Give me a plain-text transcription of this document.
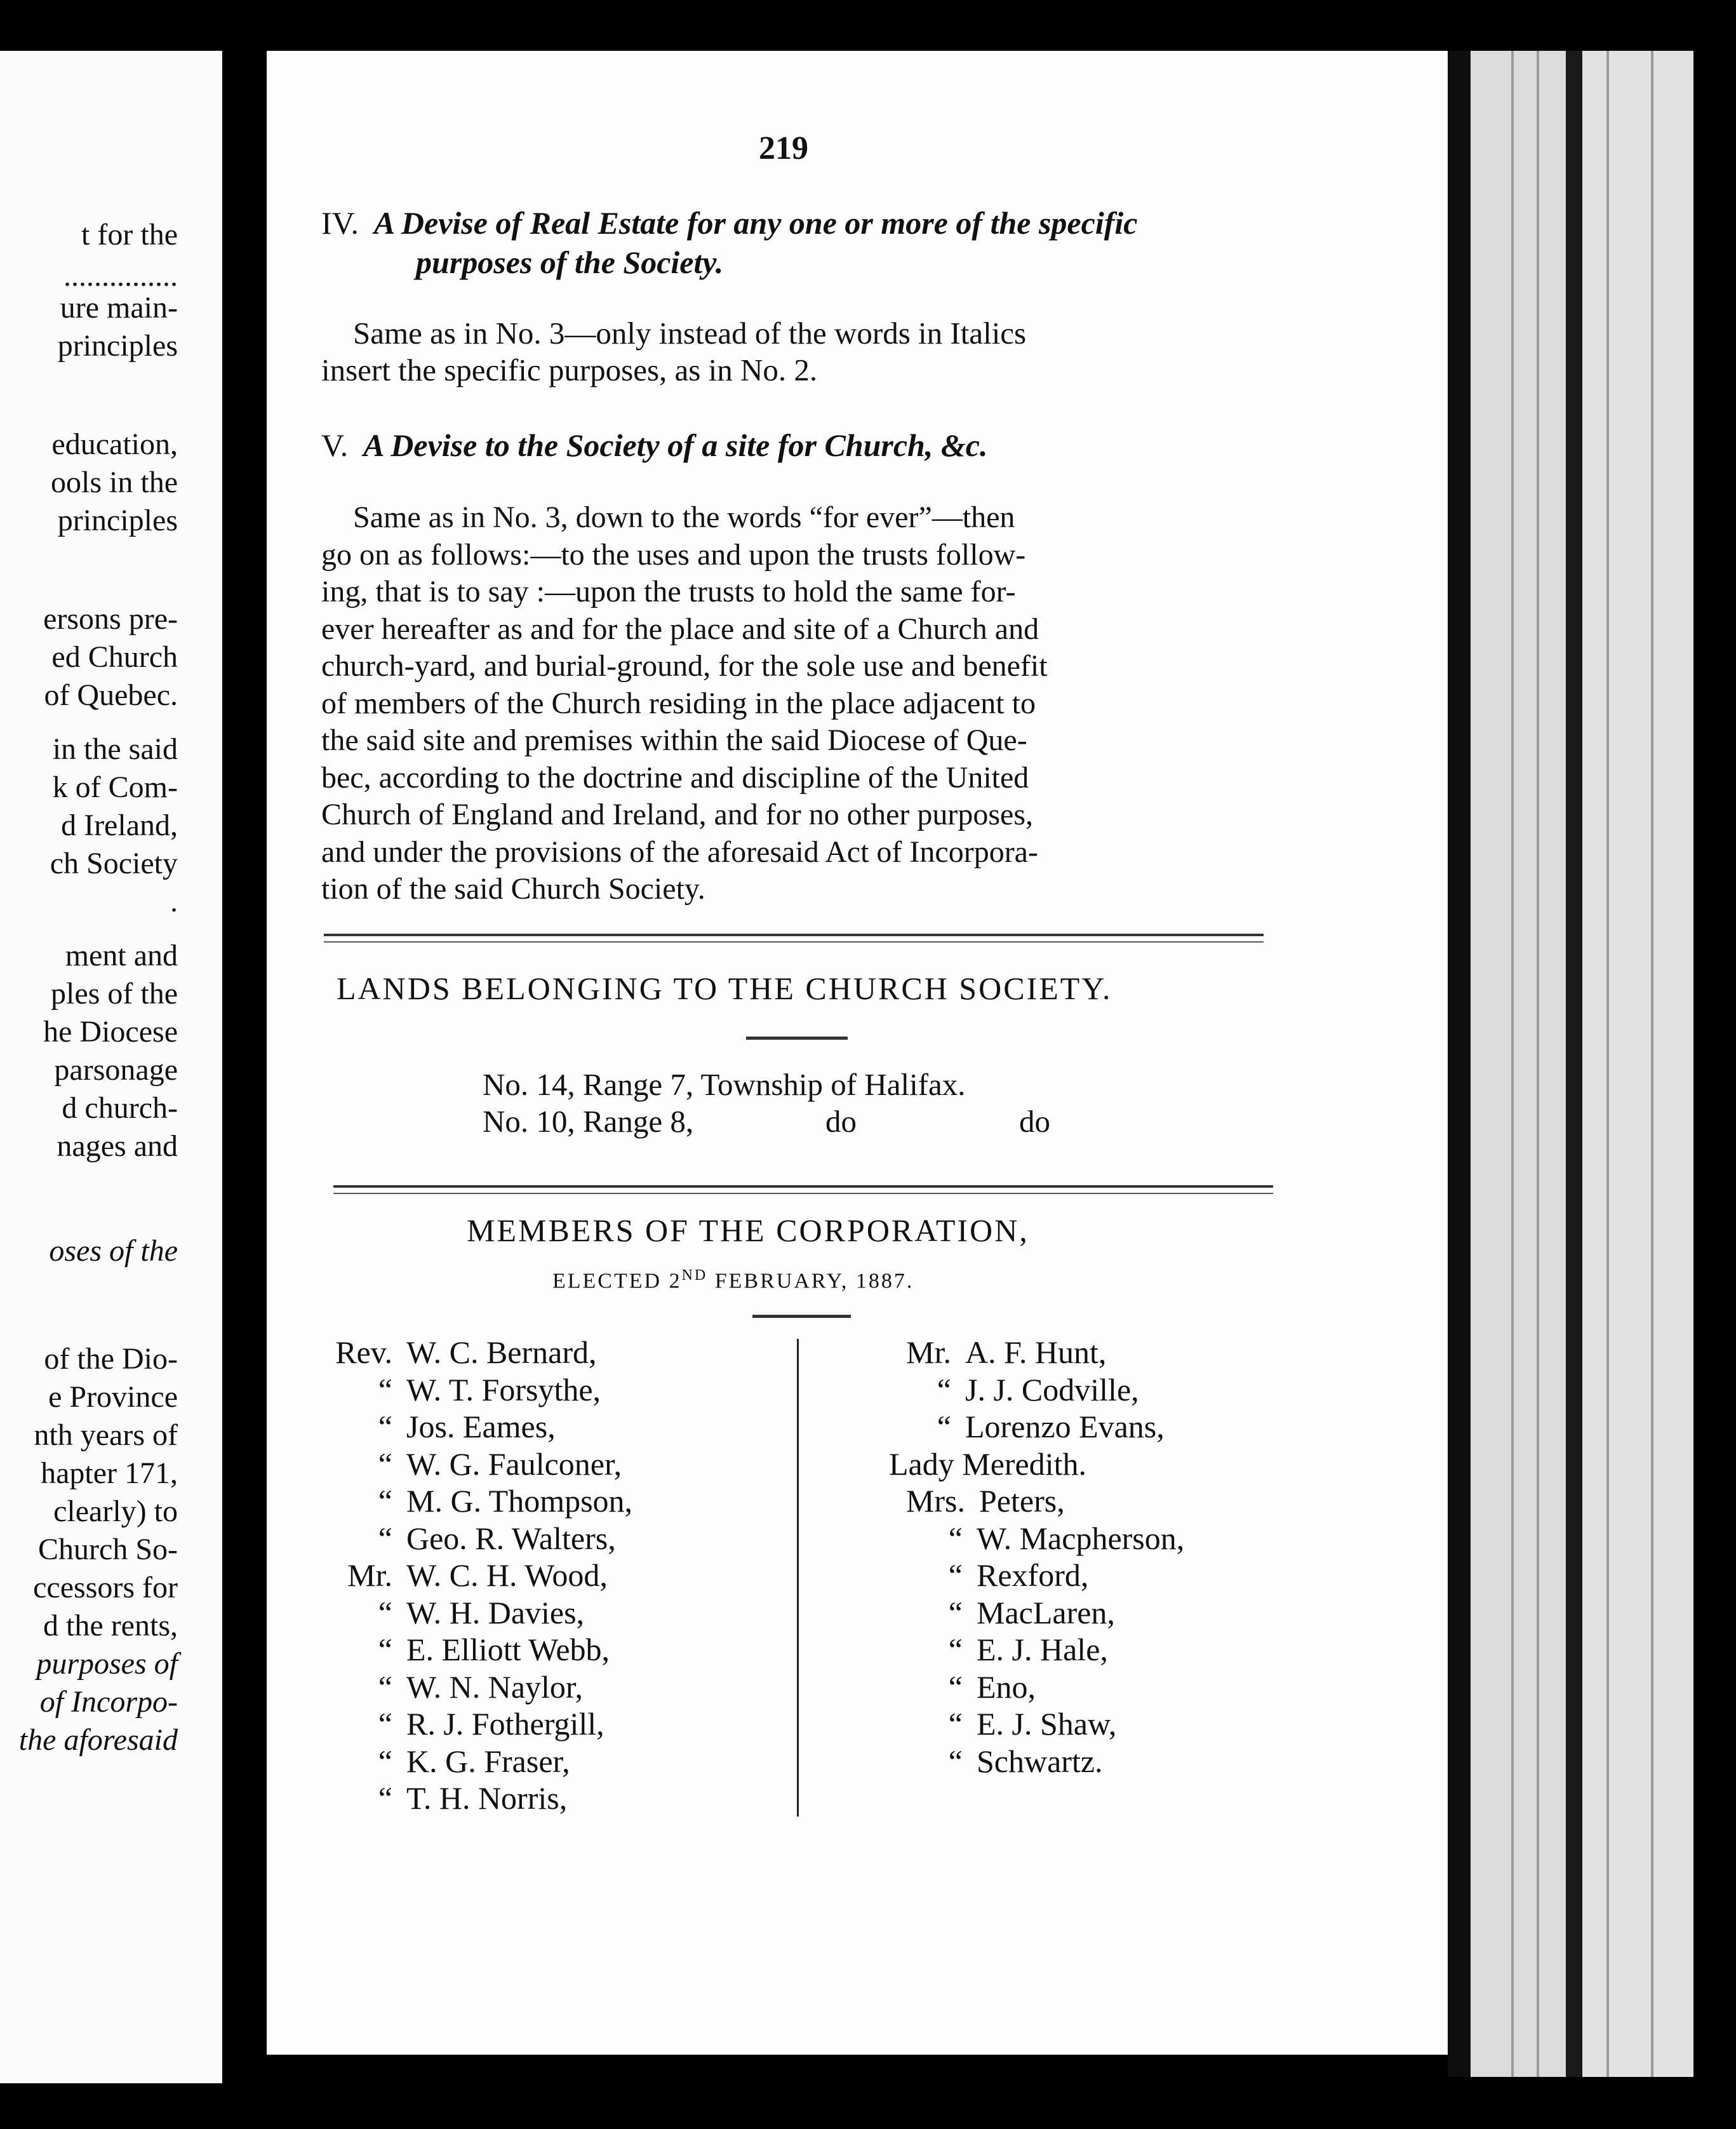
t for the
...............
ure main-
principles
education,
ools in the
principles
ersons pre-
ed Church
of Quebec.
in the said
k of Com-
d Ireland,
ch Society
.
ment and
ples of the
he Diocese
parsonage
d church-
nages and
oses of the
of the Dio-
e Province
nth years of
hapter 171,
clearly) to
Church So-
ccessors for
d the rents,
purposes of
of Incorpo-
the aforesaid
219
IV. A Devise of Real Estate for any one or more of the specific
purposes of the Society.
Same as in No. 3—only instead of the words in Italics
insert the specific purposes, as in No. 2.
V. A Devise to the Society of a site for Church, &c.
Same as in No. 3, down to the words “for ever”—then
go on as follows:—to the uses and upon the trusts follow-
ing, that is to say :—upon the trusts to hold the same for-
ever hereafter as and for the place and site of a Church and
church-yard, and burial-ground, for the sole use and benefit
of members of the Church residing in the place adjacent to
the said site and premises within the said Diocese of Que-
bec, according to the doctrine and discipline of the United
Church of England and Ireland, and for no other purposes,
and under the provisions of the aforesaid Act of Incorpora-
tion of the said Church Society.
LANDS BELONGING TO THE CHURCH SOCIETY.
No. 14, Range 7, Township of Halifax.
No. 10, Range 8,	do	do
MEMBERS OF THE CORPORATION,
ELECTED 2ND FEBRUARY, 1887.
Rev. W. C. Bernard,
“ W. T. Forsythe,
“ Jos. Eames,
“ W. G. Faulconer,
“ M. G. Thompson,
“ Geo. R. Walters,
Mr. W. C. H. Wood,
“ W. H. Davies,
“ E. Elliott Webb,
“ W. N. Naylor,
“ R. J. Fothergill,
“ K. G. Fraser,
“ T. H. Norris,
Mr. A. F. Hunt,
“ J. J. Codville,
“ Lorenzo Evans,
Lady Meredith.
Mrs. Peters,
“ W. Macpherson,
“ Rexford,
“ MacLaren,
“ E. J. Hale,
“ Eno,
“ E. J. Shaw,
“ Schwartz.
